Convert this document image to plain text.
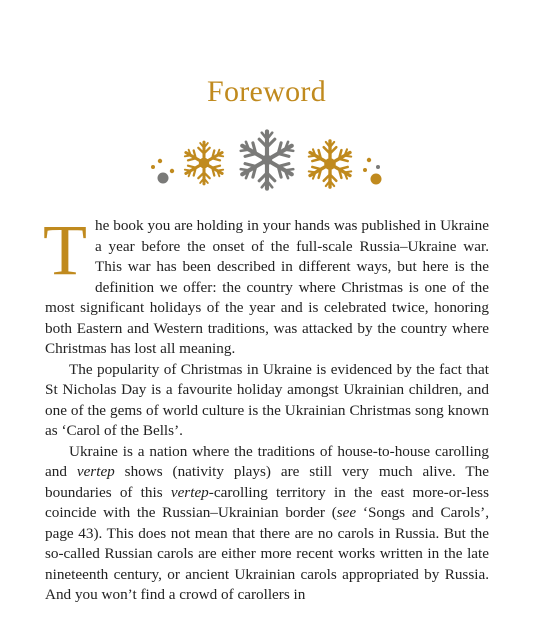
Foreword

The book you are holding in your hands was published in Ukraine a year before the onset of the full-scale Russia–Ukraine war. This war has been described in different ways, but here is the definition we offer: the country where Christmas is one of the most significant holidays of the year and is celebrated twice, honoring both Eastern and Western traditions, was attacked by the country where Christmas has lost all meaning.

The popularity of Christmas in Ukraine is evidenced by the fact that St Nicholas Day is a favourite holiday amongst Ukrainian children, and one of the gems of world culture is the Ukrainian Christmas song known as ‘Carol of the Bells’.

Ukraine is a nation where the traditions of house-to-house carolling and vertep shows (nativity plays) are still very much alive. The boundaries of this vertep-carolling territory in the east more-or-less coincide with the Russian–Ukrainian border (see ‘Songs and Carols’, page 43). This does not mean that there are no carols in Russia. But the so-called Russian carols are either more recent works written in the late nineteenth century, or ancient Ukrainian carols appropriated by Russia. And you won’t find a crowd of carollers in
